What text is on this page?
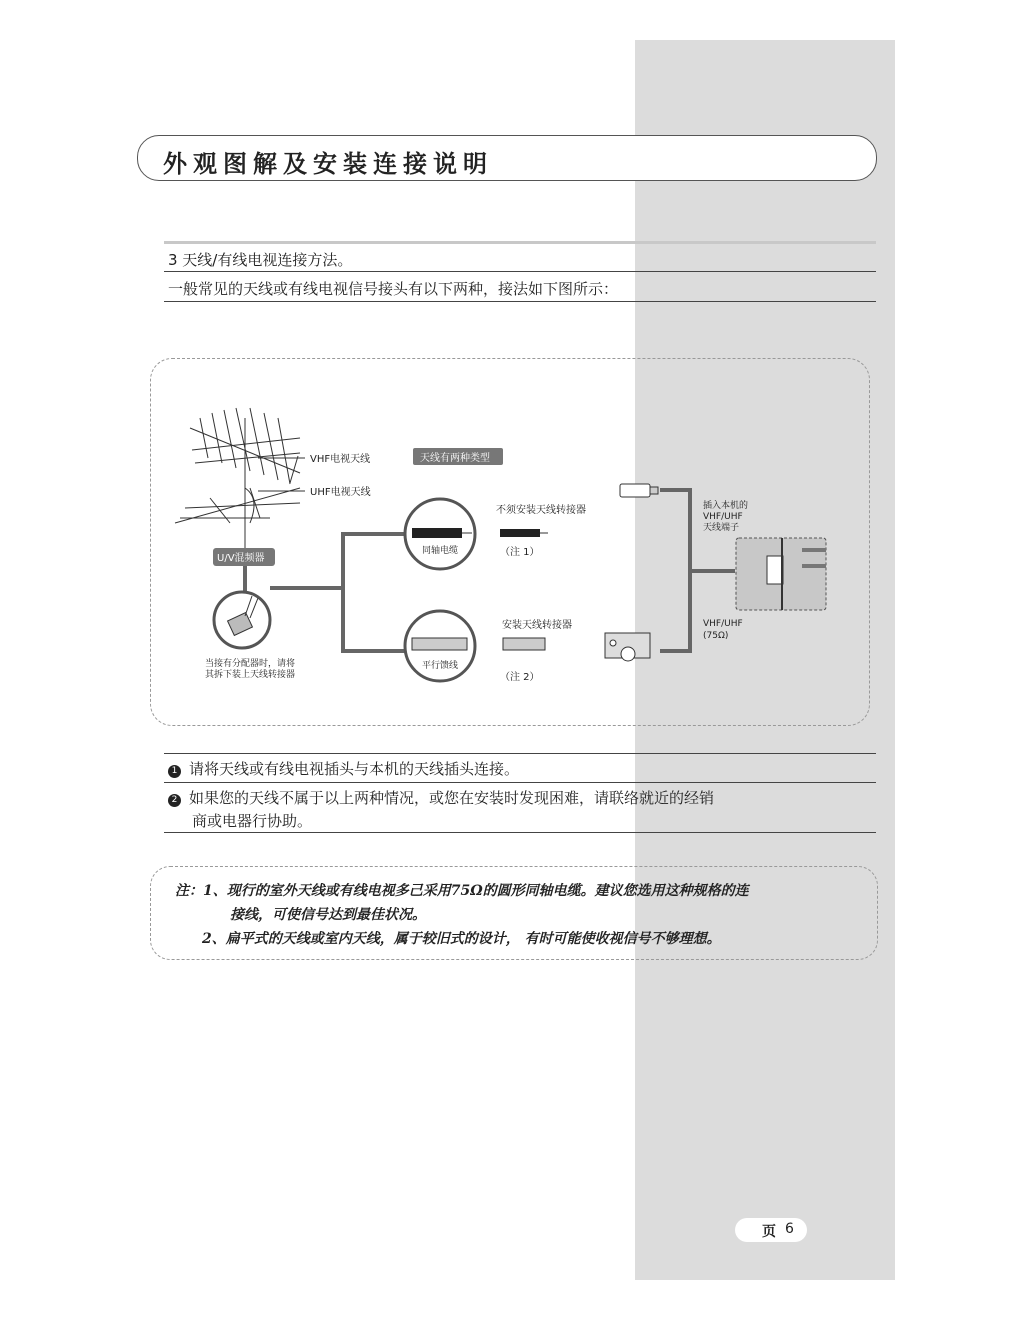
外观图解及安装连接说明
3 天线/有线电视连接方法。
一般常见的天线或有线电视信号接头有以下两种，接法如下图所示：
VHF电视天线
UHF电视天线
天线有两种类型
U/V混频器
当接有分配器时，请将
其拆下装上天线转接器
同轴电缆
不须安装天线转接器
（注 1）
平行馈线
安装天线转接器
（注 2）
插入本机的
VHF/UHF
天线端子
VHF/UHF
(75Ω)
1 请将天线或有线电视插头与本机的天线插头连接。
2 如果您的天线不属于以上两种情况，或您在安装时发现困难，请联络就近的经销
商或电器行协助。
注：1、现行的室外天线或有线电视多己采用75Ω的圆形同轴电缆。建议您选用这种规格的连
接线，可使信号达到最佳状况。
2、扁平式的天线或室内天线，属于较旧式的设计， 有时可能使收视信号不够理想。
页 6
